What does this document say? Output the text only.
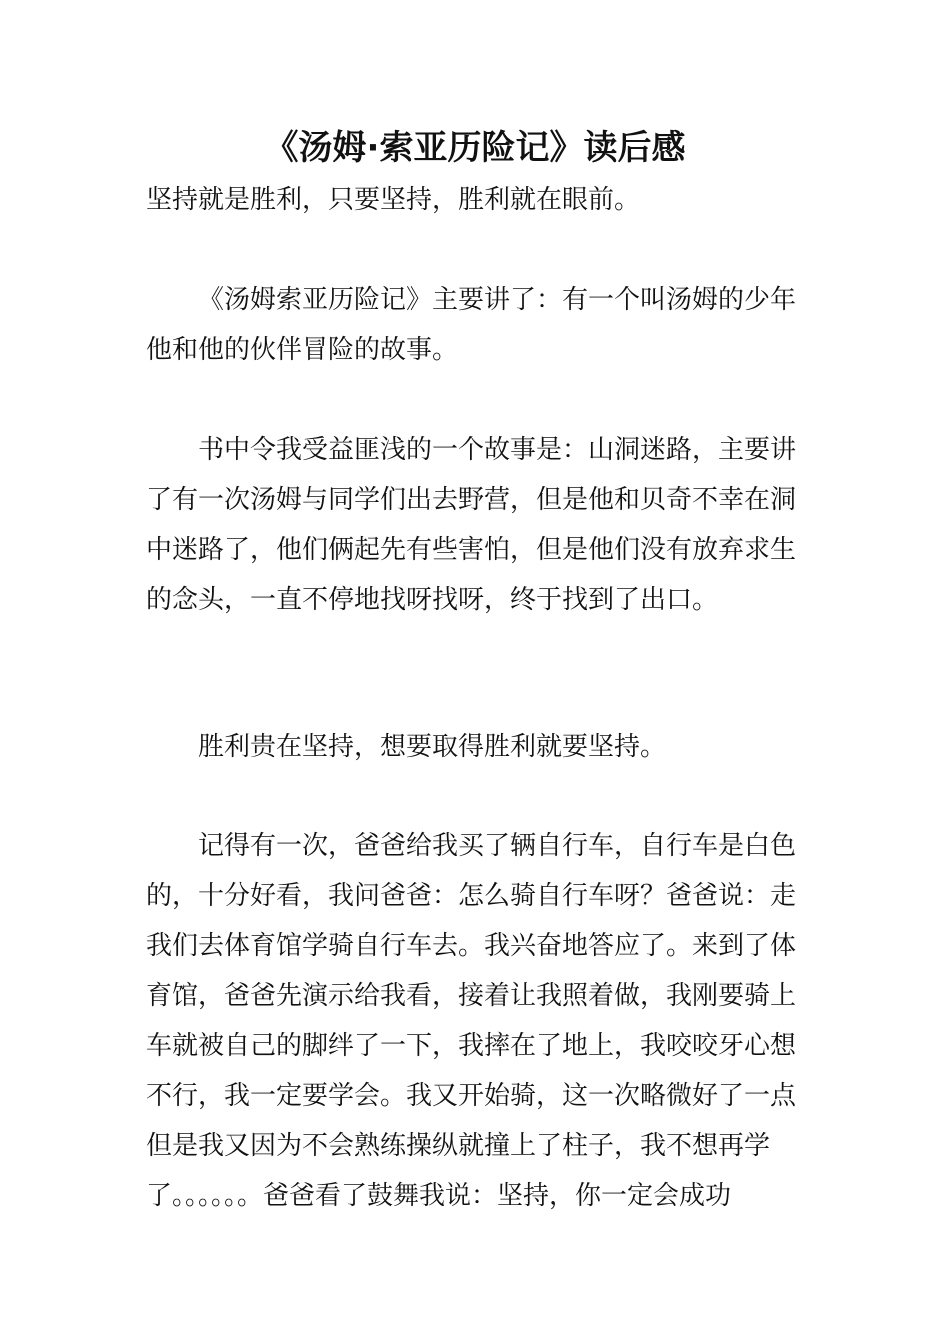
《汤姆·索亚历险记》读后感
坚持就是胜利，只要坚持，胜利就在眼前。
《汤姆索亚历险记》主要讲了：有一个叫汤姆的少年
他和他的伙伴冒险的故事。
书中令我受益匪浅的一个故事是：山洞迷路，主要讲
了有一次汤姆与同学们出去野营，但是他和贝奇不幸在洞
中迷路了，他们俩起先有些害怕，但是他们没有放弃求生
的念头，一直不停地找呀找呀，终于找到了出口。
胜利贵在坚持，想要取得胜利就要坚持。
记得有一次，爸爸给我买了辆自行车，自行车是白色
的，十分好看，我问爸爸：怎么骑自行车呀？爸爸说：走
我们去体育馆学骑自行车去。我兴奋地答应了。来到了体
育馆，爸爸先演示给我看，接着让我照着做，我刚要骑上
车就被自己的脚绊了一下，我摔在了地上，我咬咬牙心想
不行，我一定要学会。我又开始骑，这一次略微好了一点
但是我又因为不会熟练操纵就撞上了柱子，我不想再学
了。。。。。。爸爸看了鼓舞我说：坚持，你一定会成功
